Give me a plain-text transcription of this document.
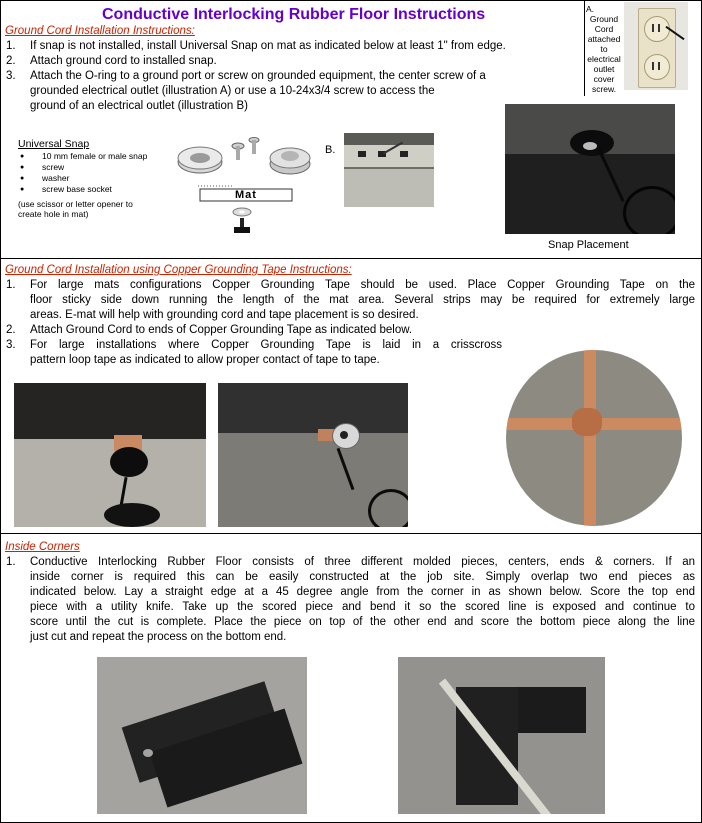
Conductive Interlocking Rubber Floor Instructions	A.
Ground
Cord
attached
to
electrical
outlet
cover
screw.
Ground Cord Installation Instructions:
1. If snap is not installed, install Universal Snap on mat as indicated below at least 1" from edge.
2. Attach ground cord to installed snap.
3. Attach the O-ring to a ground port or screw on grounded equipment, the center screw of a
grounded electrical outlet (illustration A) or use a 10-24x3/4 screw to access the
ground of an electrical outlet (illustration B)
Universal Snap
● 10 mm female or male snap
● screw
● washer
● screw base socket
(use scissor or letter opener to
create hole in mat)
Mat
B.
Snap Placement
Ground Cord Installation using Copper Grounding Tape Instructions:
1. For large mats configurations Copper Grounding Tape should be used. Place Copper Grounding Tape on the
floor sticky side down running the length of the mat area. Several strips may be required for extremely large
areas. E-mat will help with grounding cord and tape placement is so desired.
2. Attach Ground Cord to ends of Copper Grounding Tape as indicated below.
3. For large installations where Copper Grounding Tape is laid in a crisscross
pattern loop tape as indicated to allow proper contact of tape to tape.
Inside Corners
1. Conductive Interlocking Rubber Floor consists of three different molded pieces, centers, ends & corners. If an
inside corner is required this can be easily constructed at the job site. Simply overlap two end pieces as
indicated below. Lay a straight edge at a 45 degree angle from the corner in as shown below. Score the top end
piece with a utility knife. Take up the scored piece and bend it so the scored line is exposed and continue to
score until the cut is complete. Place the piece on top of the other end and score the bottom piece along the line
just cut and repeat the process on the bottom end.
